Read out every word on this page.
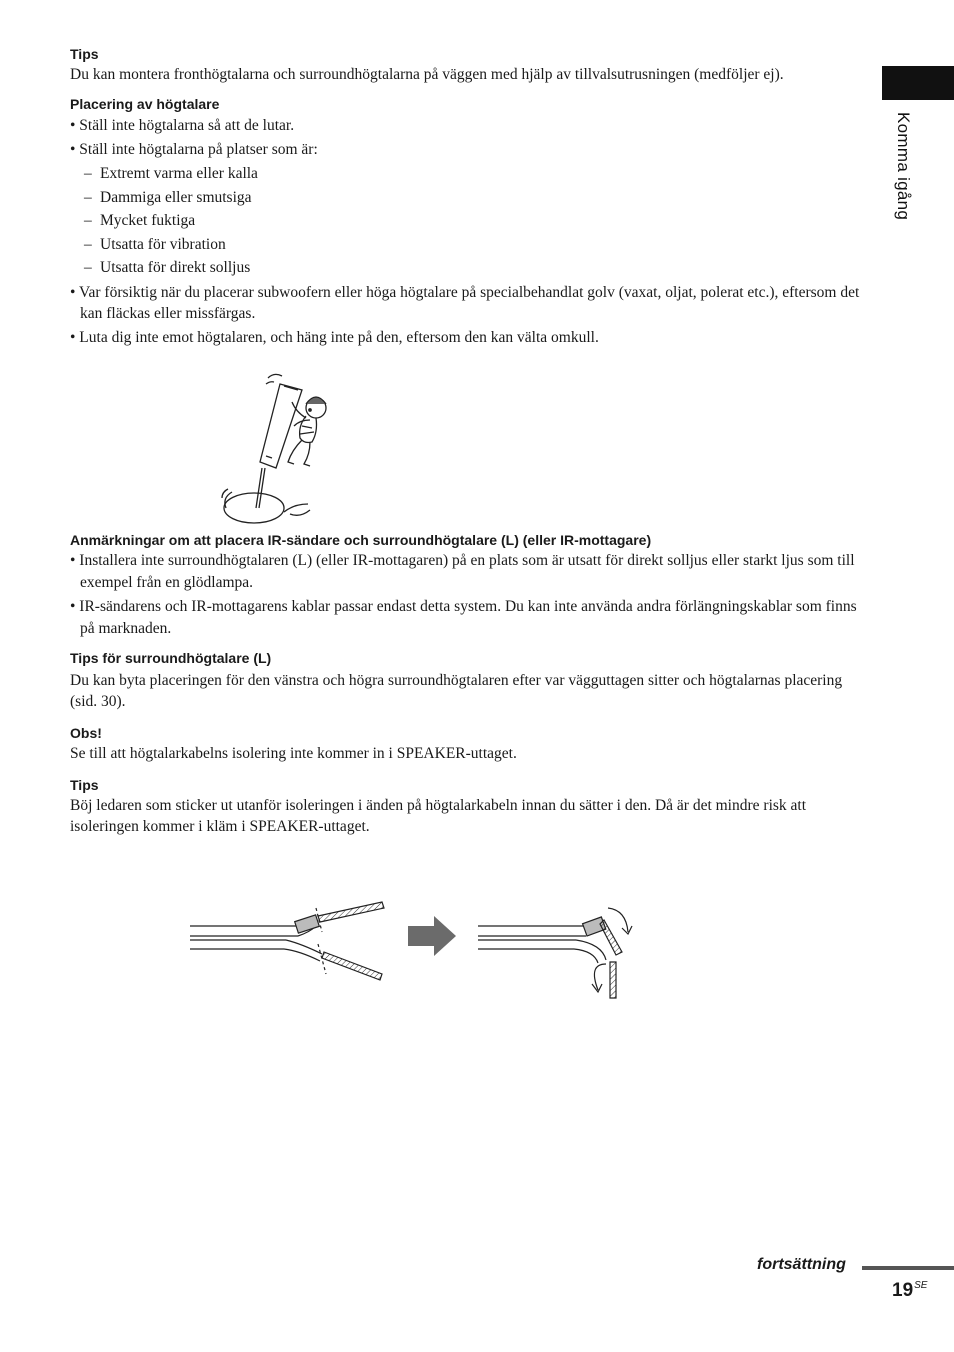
Komma igång

Tips

Du kan montera fronthögtalarna och surroundhögtalarna på väggen med hjälp av tillvalsutrusningen (medföljer ej).

Placering av högtalare

• Ställ inte högtalarna så att de lutar.

• Ställ inte högtalarna på platser som är:

– Extremt varma eller kalla

– Dammiga eller smutsiga

– Mycket fuktiga

– Utsatta för vibration

– Utsatta för direkt solljus

• Var försiktig när du placerar subwoofern eller höga högtalare på specialbehandlat golv (vaxat, oljat, polerat etc.), eftersom det kan fläckas eller missfärgas.

• Luta dig inte emot högtalaren, och häng inte på den, eftersom den kan välta omkull.

Anmärkningar om att placera IR-sändare och surroundhögtalare (L) (eller IR-mottagare)

• Installera inte surroundhögtalaren (L) (eller IR-mottagaren) på en plats som är utsatt för direkt solljus eller starkt ljus som till exempel från en glödlampa.

• IR-sändarens och IR-mottagarens kablar passar endast detta system. Du kan inte använda andra förlängningskablar som finns på marknaden.

Tips för surroundhögtalare (L)

Du kan byta placeringen för den vänstra och högra surroundhögtalaren efter var vägguttagen sitter och högtalarnas placering (sid. 30).

Obs!

Se till att högtalarkabelns isolering inte kommer in i SPEAKER-uttaget.

Tips

Böj ledaren som sticker ut utanför isoleringen i änden på högtalarkabeln innan du sätter i den. Då är det mindre risk att isoleringen kommer i kläm i SPEAKER-uttaget.

fortsättning
$19^{SE}$
